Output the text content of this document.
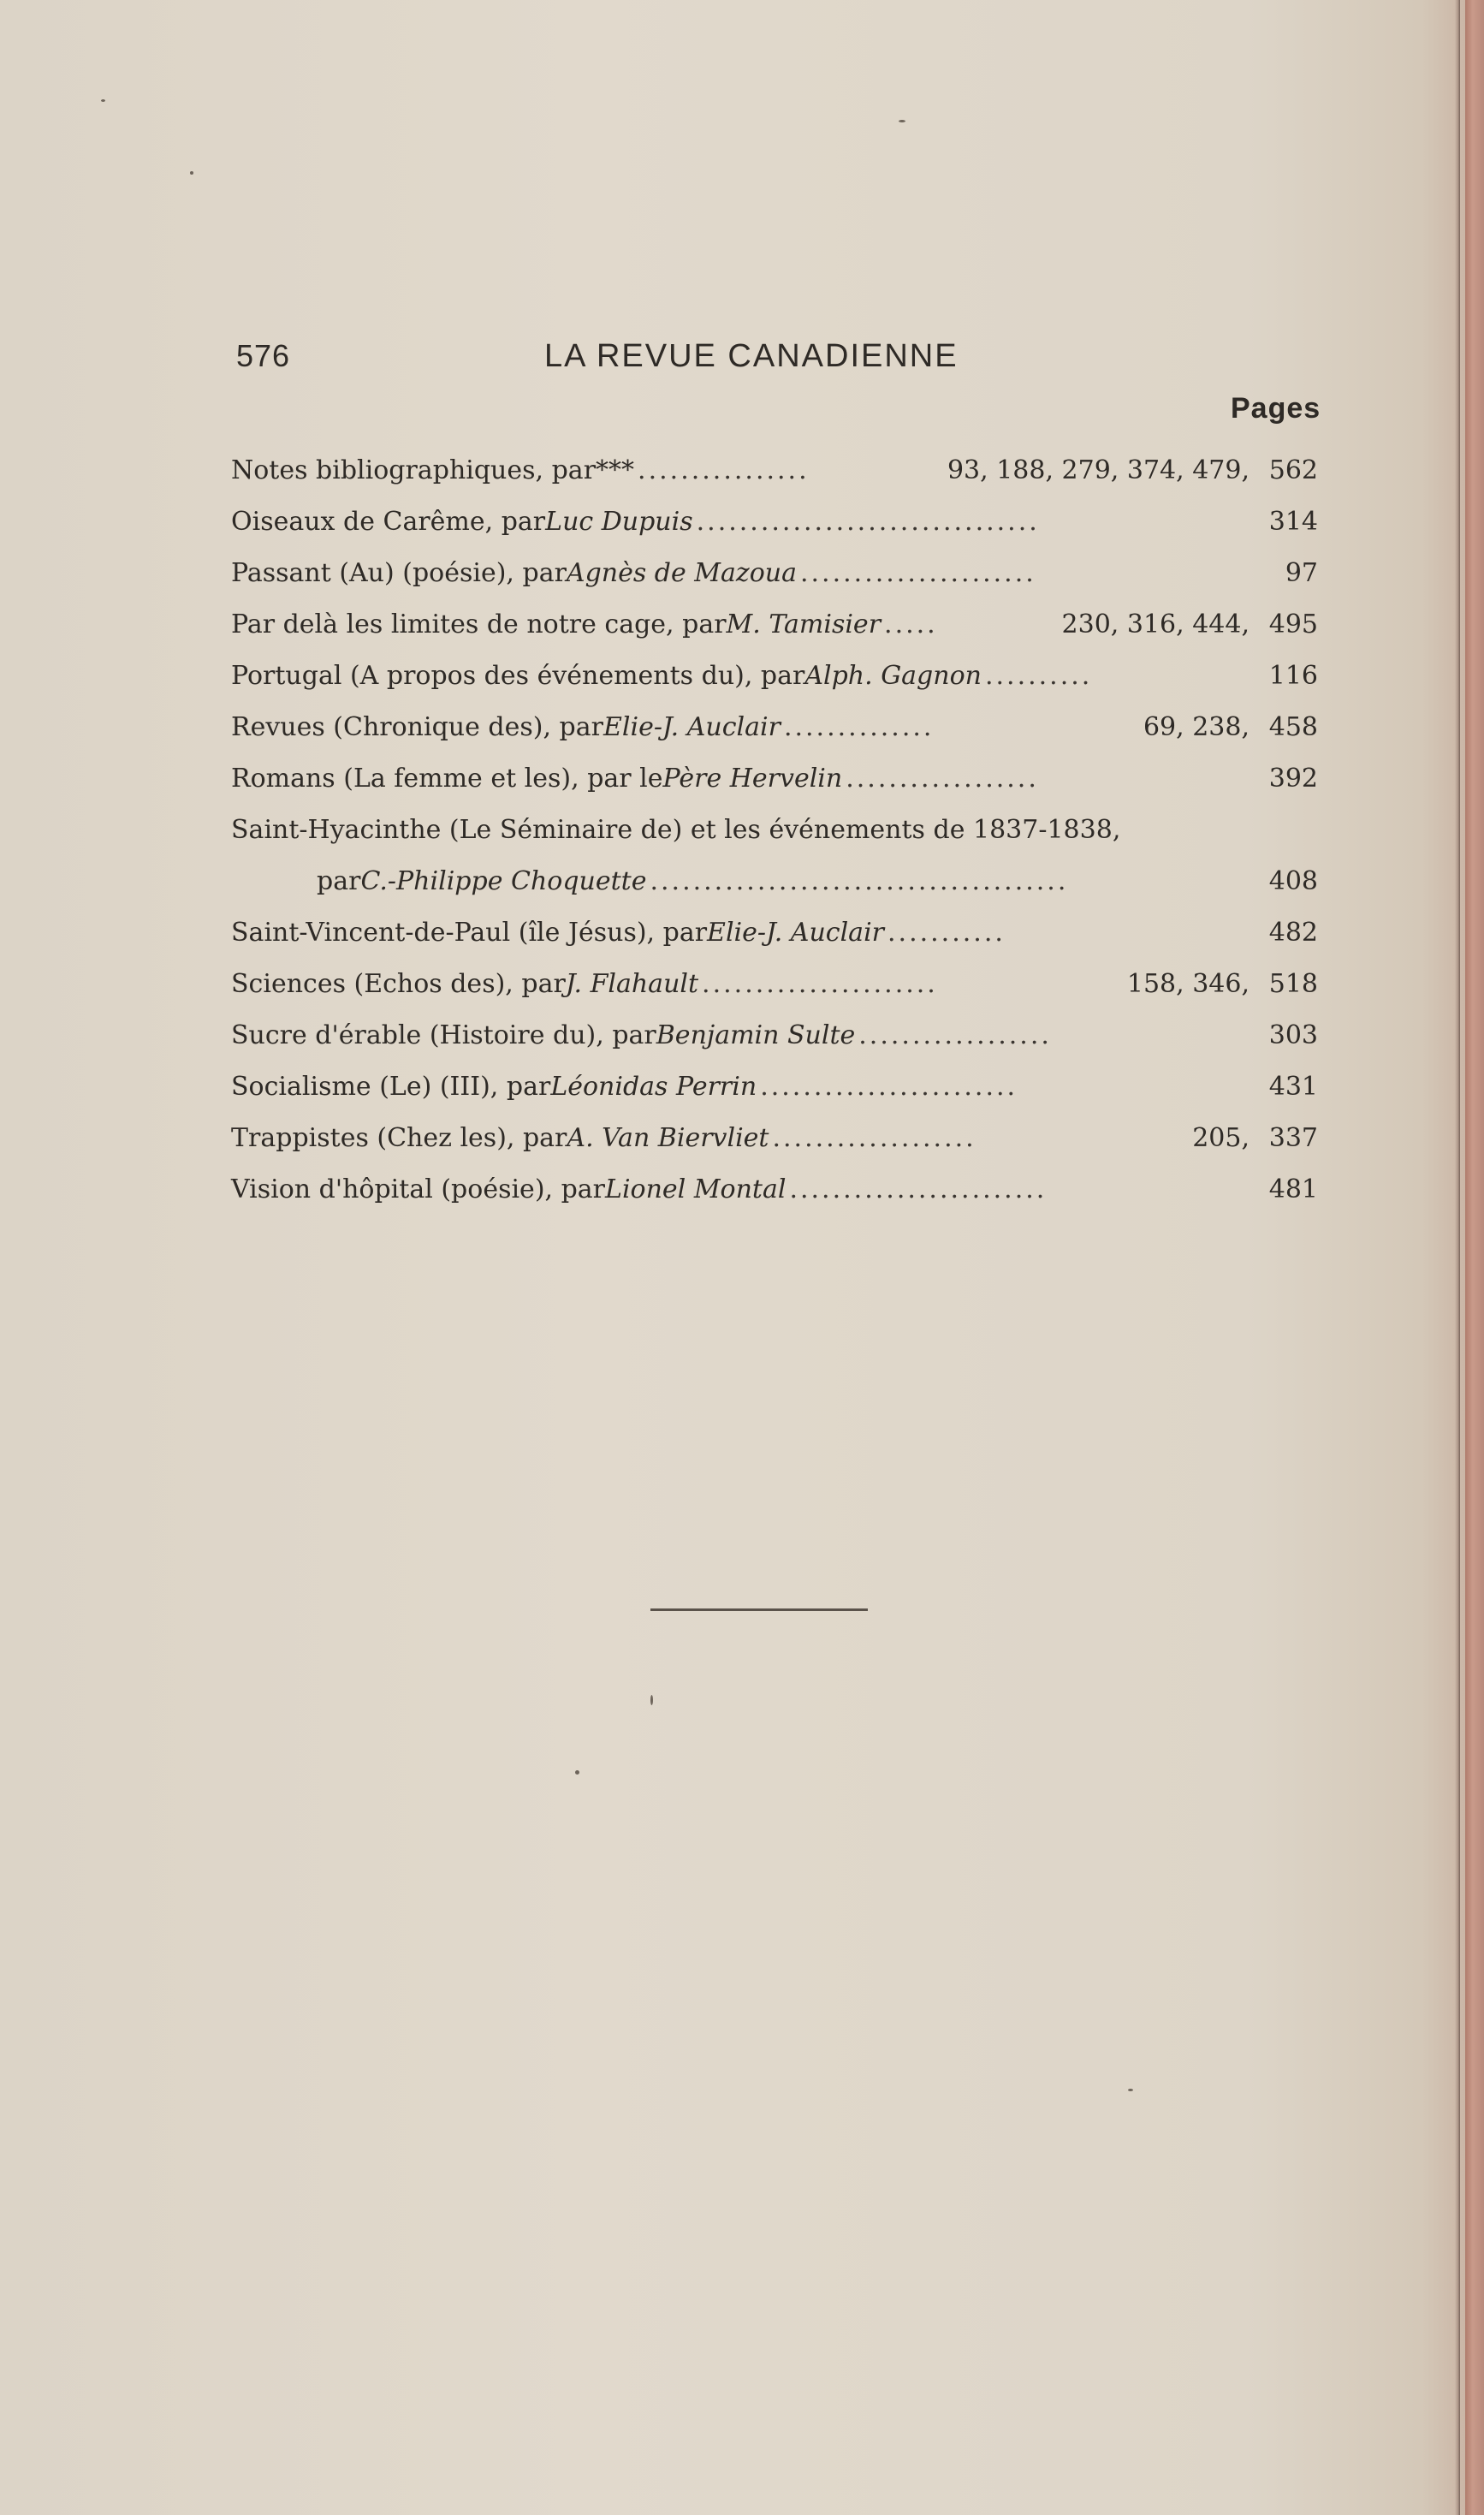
576	LA REVUE CANADIENNE
Pages
Notes bibliographiques, par *** ................	93, 188, 279, 374, 479, 562
Oiseaux de Carême, par Luc Dupuis ................................	314
Passant (Au) (poésie), par Agnès de Mazoua ......................	97
Par delà les limites de notre cage, par M. Tamisier .....	230, 316, 444, 495
Portugal (A propos des événements du), par Alph. Gagnon ..........	116
Revues (Chronique des), par Elie-J. Auclair ..............	69, 238, 458
Romans (La femme et les), par le Père Hervelin ..................	392
Saint-Hyacinthe (Le Séminaire de) et les événements de 1837-1838,
par C.-Philippe Choquette .......................................	408
Saint-Vincent-de-Paul (île Jésus), par Elie-J. Auclair ...........	482
Sciences (Echos des), par J. Flahault ......................	158, 346, 518
Sucre d'érable (Histoire du), par Benjamin Sulte ..................	303
Socialisme (Le) (III), par Léonidas Perrin ........................	431
Trappistes (Chez les), par A. Van Biervliet ...................	205, 337
Vision d'hôpital (poésie), par Lionel Montal ........................	481
